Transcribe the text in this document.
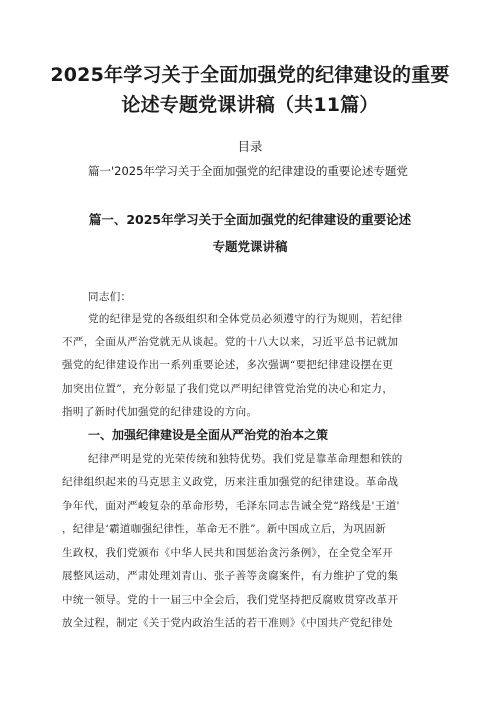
2025年学习关于全面加强党的纪律建设的重要
论述专题党课讲稿（共11篇）
目录
篇一'2025年学习关于全面加强党的纪律建设的重要论述专题党
篇一、2025年学习关于全面加强党的纪律建设的重要论述
专题党课讲稿
同志们：
党的纪律是党的各级组织和全体党员必须遵守的行为规则，若纪律
不严，全面从严治党就无从谈起。党的十八大以来，习近平总书记就加
强党的纪律建设作出一系列重要论述，多次强调“要把纪律建设摆在更
加突出位置”，充分彰显了我们党以严明纪律管党治党的决心和定力，
指明了新时代加强党的纪律建设的方向。
一、加强纪律建设是全面从严治党的治本之策
纪律严明是党的光荣传统和独特优势。我们党是靠革命理想和铁的
纪律组织起来的马克思主义政党，历来注重加强党的纪律建设。革命战
争年代，面对严峻复杂的革命形势，毛泽东同志告诫全党“路线是'王道'
，纪律是‘霸道咖强纪律性，革命无不胜”。新中国成立后，为巩固新
生政权，我们党颁布《中华人民共和国惩治贪污条例》，在全党全军开
展整风运动，严肃处理刘青山、张子善等贪腐案件，有力维护了党的集
中统一领导。党的十一届三中全会后，我们党坚持把反腐败贯穿改革开
放全过程，制定《关于党内政治生活的若干准则》《中国共产党纪律处
